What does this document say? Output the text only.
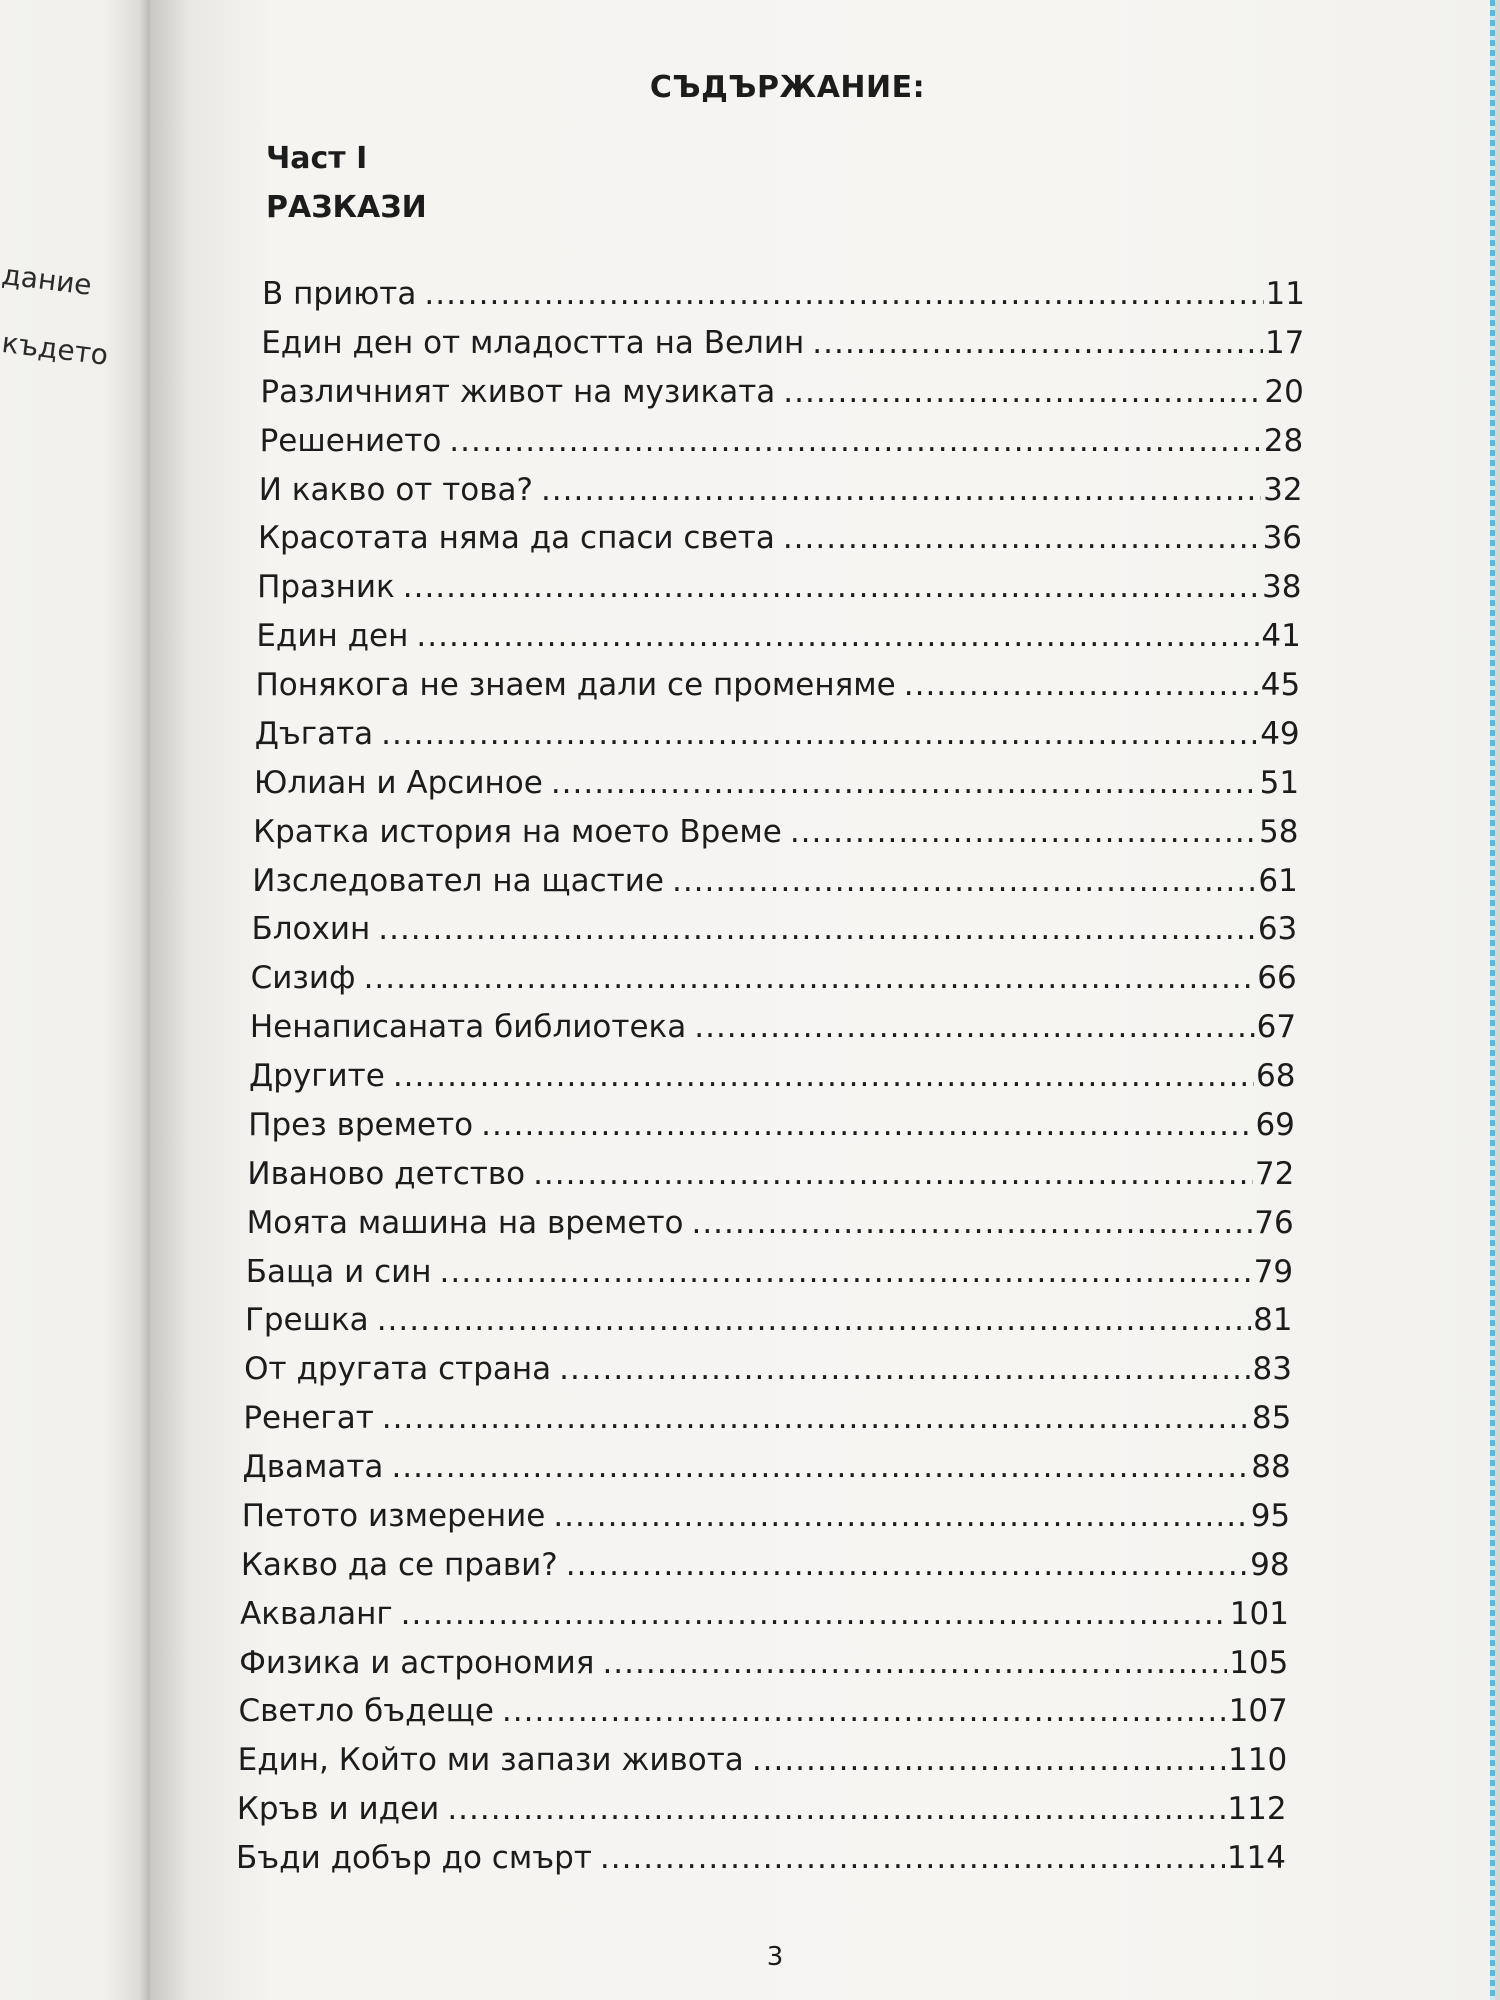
дание
където
СЪДЪРЖАНИЕ:
Част I
РАЗКАЗИ
В приюта .....	11
Един ден от младостта на Велин .....	17
Различният живот на музиката .....	20
Решението .....	28
И какво от това? .....	32
Красотата няма да спаси света .....	36
Празник .....	38
Един ден .....	41
Понякога не знаем дали се променяме .....	45
Дъгата .....	49
Юлиан и Арсиное .....	51
Кратка история на моето Време .....	58
Изследовател на щастие .....	61
Блохин .....	63
Сизиф .....	66
Ненаписаната библиотека .....	67
Другите .....	68
През времето .....	69
Иваново детство .....	72
Моята машина на времето .....	76
Баща и син .....	79
Грешка .....	81
От другата страна .....	83
Ренегат .....	85
Двамата .....	88
Петото измерение .....	95
Какво да се прави? .....	98
Акваланг .....	101
Физика и астрономия .....	105
Светло бъдеще .....	107
Един, Който ми запази живота .....	110
Кръв и идеи .....	112
Бъди добър до смърт .....	114
3
